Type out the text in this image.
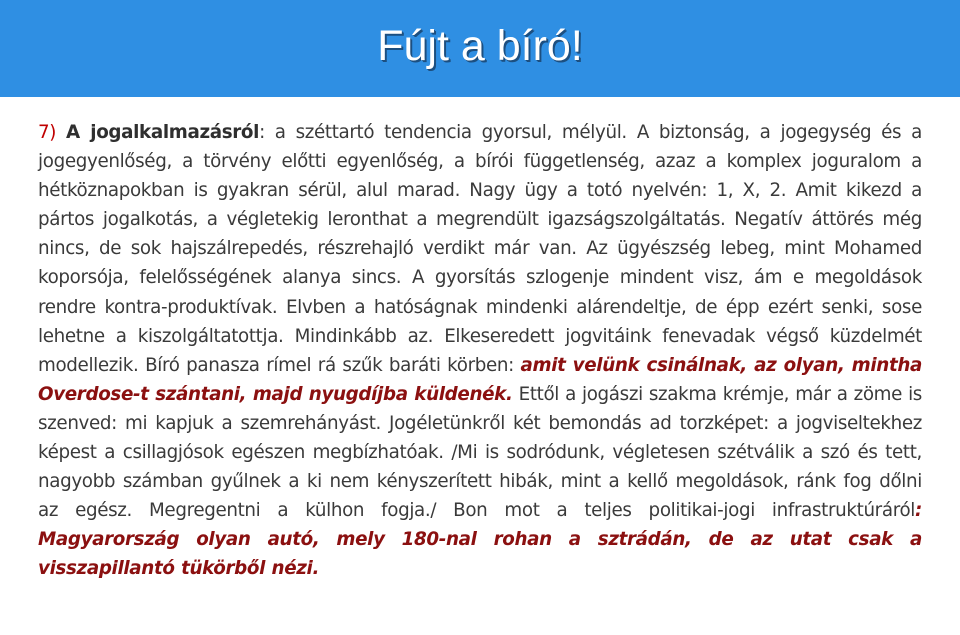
Fújt a bíró!
7) A jogalkalmazásról: a széttartó tendencia gyorsul, mélyül. A biztonság, a jogegység és a jogegyenlőség, a törvény előtti egyenlőség, a bírói függetlenség, azaz a komplex joguralom a hétköznapokban is gyakran sérül, alul marad. Nagy ügy a totó nyelvén: 1, X, 2. Amit kikezd a pártos jogalkotás, a végletekig leronthat a megrendült igazságszolgáltatás. Negatív áttörés még nincs, de sok hajszálrepedés, részrehajló verdikt már van. Az ügyészség lebeg, mint Mohamed koporsója, felelősségének alanya sincs. A gyorsítás szlogenje mindent visz, ám e megoldások rendre kontra-produktívak. Elvben a hatóságnak mindenki alárendeltje, de épp ezért senki, sose lehetne a kiszolgáltatottja. Mindinkább az. Elkeseredett jogvitáink fenevadak végső küzdelmét modellezik. Bíró panasza rímel rá szűk baráti körben: amit velünk csinálnak, az olyan, mintha Overdose-t szántani, majd nyugdíjba küldenék. Ettől a jogászi szakma krémje, már a zöme is szenved: mi kapjuk a szemrehányást. Jogéletünkről két bemondás ad torzképet: a jogviseltekhez képest a csillagjósok egészen megbízhatóak. /Mi is sodródunk, végletesen szétválik a szó és tett, nagyobb számban gyűlnek a ki nem kényszerített hibák, mint a kellő megoldások, ránk fog dőlni az egész. Megregentni a külhon fogja./ Bon mot a teljes politikai-jogi infrastruktúráról: Magyarország olyan autó, mely 180-nal rohan a sztrádán, de az utat csak a visszapillantó tükörből nézi.
